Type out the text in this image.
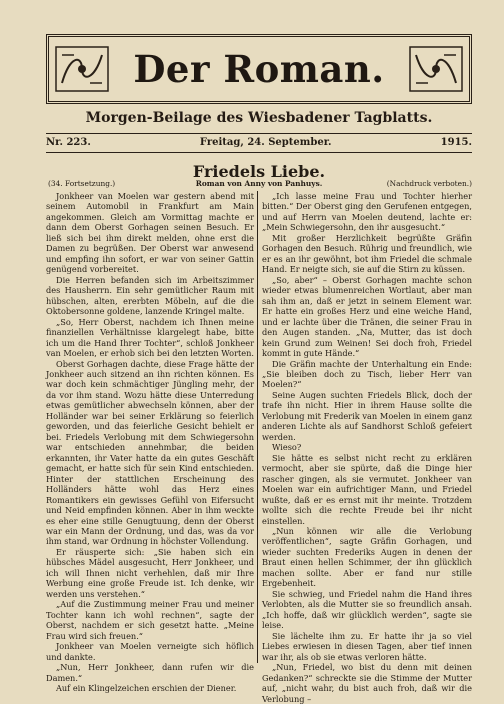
Der Roman.
Morgen-Beilage des Wiesbadener Tagblatts.
Nr. 223.	Freitag, 24. September.	1915.
Friedels Liebe.
(34. Fortsetzung.)	Roman von Anny von Panhuys.	(Nachdruck verboten.)

Jonkheer van Moelen war gestern abend mit seinem Automobil in Frankfurt am Main angekommen. Gleich am Vormittag machte er dann dem Oberst Gorhagen seinen Besuch. Er ließ sich bei ihm direkt melden, ohne erst die Damen zu begrüßen. Der Oberst war anwesend und empfing ihn sofort, er war von seiner Gattin genügend vorbereitet.

Die Herren befanden sich im Arbeitszimmer des Hausherrn. Ein sehr gemütlicher Raum mit hübschen, alten, ererbten Möbeln, auf die die Oktobersonne goldene, lanzende Kringel malte.

„So, Herr Oberst, nachdem ich Ihnen meine finanziellen Verhältnisse klargelegt habe, bitte ich um die Hand Ihrer Tochter“, schloß Jonkheer van Moelen, er erhob sich bei den letzten Worten.

Oberst Gorhagen dachte, diese Frage hätte der Jonkheer auch sitzend an ihn richten können. Es war doch kein schmächtiger Jüngling mehr, der da vor ihm stand. Wozu hätte diese Unterredung etwas gemütlicher abwechseln können, aber der Holländer war bei seiner Erklärung so feierlich geworden, und das feierliche Gesicht behielt er bei. Friedels Verlobung mit dem Schwiegersohn war entschieden annehmbar, die beiden erkannten, ihr Vater hatte da ein gutes Geschäft gemacht, er hatte sich für sein Kind entschieden. Hinter der stattlichen Erscheinung des Holländers hätte wohl das Herz eines Romantikers ein gewisses Gefühl von Eifersucht und Neid empfinden können. Aber in ihm weckte es eher eine stille Genugtuung, denn der Oberst war ein Mann der Ordnung, und das, was da vor ihm stand, war Ordnung in höchster Vollendung.

Er räusperte sich: „Sie haben sich ein hübsches Mädel ausgesucht, Herr Jonkheer, und ich will Ihnen nicht verhehlen, daß mir Ihre Werbung eine große Freude ist. Ich denke, wir werden uns verstehen.“

„Auf die Zustimmung meiner Frau und meiner Tochter kann ich wohl rechnen“, sagte der Oberst, nachdem er sich gesetzt hatte. „Meine Frau wird sich freuen.“

Jonkheer van Moelen verneigte sich höflich und dankte.

„Nun, Herr Jonkheer, dann rufen wir die Damen.“

Auf ein Klingelzeichen erschien der Diener.

„Ich lasse meine Frau und Tochter hierher bitten.“ Der Oberst ging den Gerufenen entgegen, und auf Herrn van Moelen deutend, lachte er: „Mein Schwiegersohn, den ihr ausgesucht.“

Mit großer Herzlichkeit begrüßte Gräfin Gorhagen den Besuch. Rührig und freundlich, wie er es an ihr gewöhnt, bot ihm Friedel die schmale Hand. Er neigte sich, sie auf die Stirn zu küssen.

„So, aber“ – Oberst Gorhagen machte schon wieder etwas blumenreichen Wortlaut, aber man sah ihm an, daß er jetzt in seinem Element war. Er hatte ein großes Herz und eine weiche Hand, und er lachte über die Tränen, die seiner Frau in den Augen standen. „Na, Mutter, das ist doch kein Grund zum Weinen! Sei doch froh, Friedel kommt in gute Hände.“

Die Gräfin machte der Unterhaltung ein Ende: „Sie bleiben doch zu Tisch, lieber Herr van Moelen?“

Seine Augen suchten Friedels Blick, doch der trafe ihn nicht. Hier in ihrem Hause sollte die Verlobung mit Frederik van Moelen in einem ganz anderen Lichte als auf Sandhorst Schloß gefeiert werden.

Wieso?

Sie hätte es selbst nicht recht zu erklären vermocht, aber sie spürte, daß die Dinge hier rascher gingen, als sie vermutet. Jonkheer van Moelen war ein aufrichtiger Mann, und Friedel wußte, daß er es ernst mit ihr meinte. Trotzdem wollte sich die rechte Freude bei ihr nicht einstellen.

„Nun können wir alle die Verlobung veröffentlichen“, sagte Gräfin Gorhagen, und wieder suchten Frederiks Augen in denen der Braut einen hellen Schimmer, der ihn glücklich machen sollte. Aber er fand nur stille Ergebenheit.

Sie schwieg, und Friedel nahm die Hand ihres Verlobten, als die Mutter sie so freundlich ansah. „Ich hoffe, daß wir glücklich werden“, sagte sie leise.

Sie lächelte ihm zu. Er hatte ihr ja so viel Liebes erwiesen in diesen Tagen, aber tief innen war ihr, als ob sie etwas verloren hätte.

„Nun, Friedel, wo bist du denn mit deinen Gedanken?“ schreckte sie die Stimme der Mutter auf, „nicht wahr, du bist auch froh, daß wir die Verlobung –
